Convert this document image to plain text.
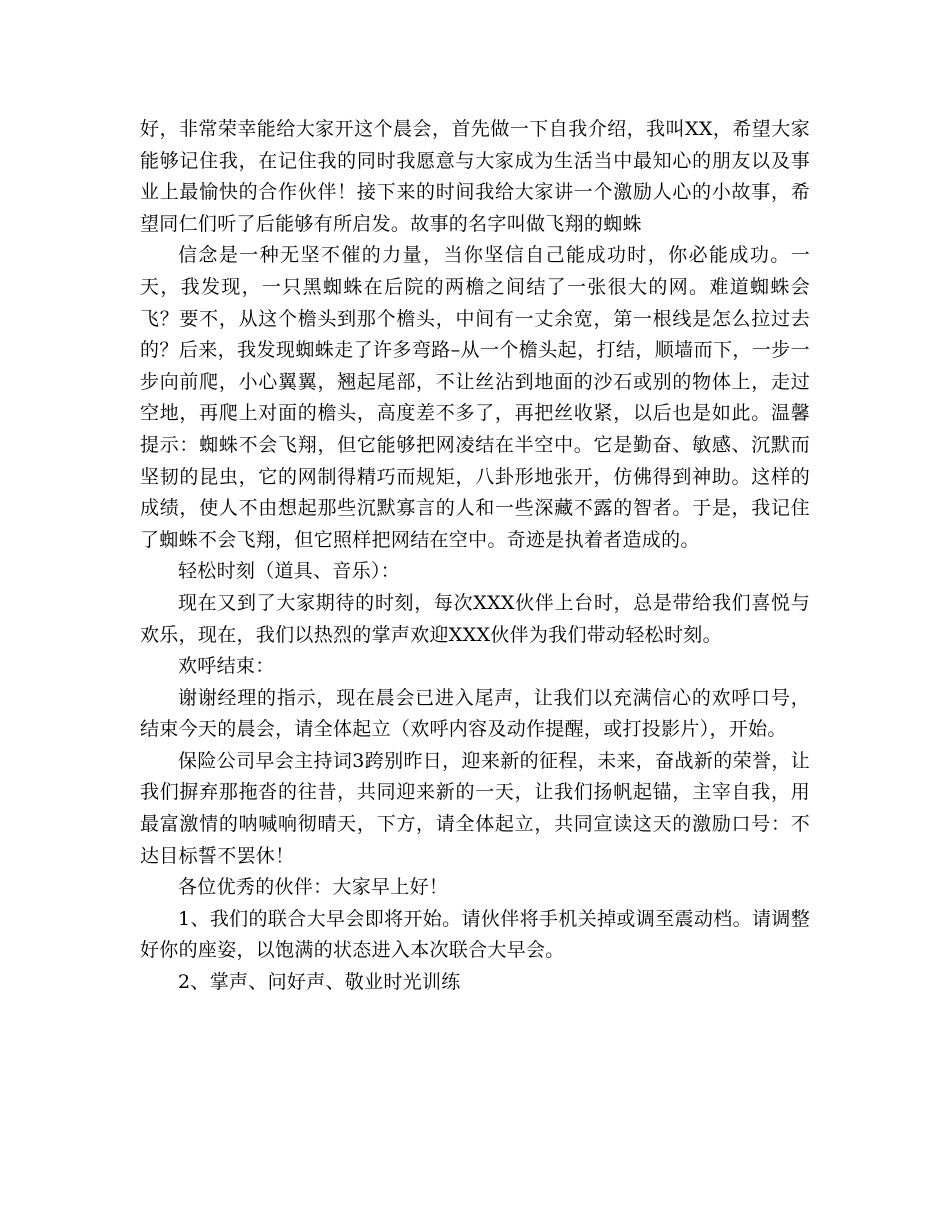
好，非常荣幸能给大家开这个晨会，首先做一下自我介绍，我叫XX，希望大家能够记住我，在记住我的同时我愿意与大家成为生活当中最知心的朋友以及事业上最愉快的合作伙伴！接下来的时间我给大家讲一个激励人心的小故事，希望同仁们听了后能够有所启发。故事的名字叫做飞翔的蜘蛛

信念是一种无坚不催的力量，当你坚信自己能成功时，你必能成功。一天，我发现，一只黑蜘蛛在后院的两檐之间结了一张很大的网。难道蜘蛛会飞？要不，从这个檐头到那个檐头，中间有一丈余宽，第一根线是怎么拉过去的？后来，我发现蜘蛛走了许多弯路–从一个檐头起，打结，顺墙而下，一步一步向前爬，小心翼翼，翘起尾部，不让丝沾到地面的沙石或别的物体上，走过空地，再爬上对面的檐头，高度差不多了，再把丝收紧，以后也是如此。温馨提示：蜘蛛不会飞翔，但它能够把网凌结在半空中。它是勤奋、敏感、沉默而坚韧的昆虫，它的网制得精巧而规矩，八卦形地张开，仿佛得到神助。这样的成绩，使人不由想起那些沉默寡言的人和一些深藏不露的智者。于是，我记住了蜘蛛不会飞翔，但它照样把网结在空中。奇迹是执着者造成的。

轻松时刻（道具、音乐）：

现在又到了大家期待的时刻，每次XXX伙伴上台时，总是带给我们喜悦与欢乐，现在，我们以热烈的掌声欢迎XXX伙伴为我们带动轻松时刻。

欢呼结束：

谢谢经理的指示，现在晨会已进入尾声，让我们以充满信心的欢呼口号，结束今天的晨会，请全体起立（欢呼内容及动作提醒，或打投影片），开始。

保险公司早会主持词3跨别昨日，迎来新的征程，未来，奋战新的荣誉，让我们摒弃那拖沓的往昔，共同迎来新的一天，让我们扬帆起锚，主宰自我，用最富激情的呐喊响彻晴天，下方，请全体起立，共同宣读这天的激励口号：不达目标誓不罢休！

各位优秀的伙伴：大家早上好！

1、我们的联合大早会即将开始。请伙伴将手机关掉或调至震动档。请调整好你的座姿，以饱满的状态进入本次联合大早会。

2、掌声、问好声、敬业时光训练
